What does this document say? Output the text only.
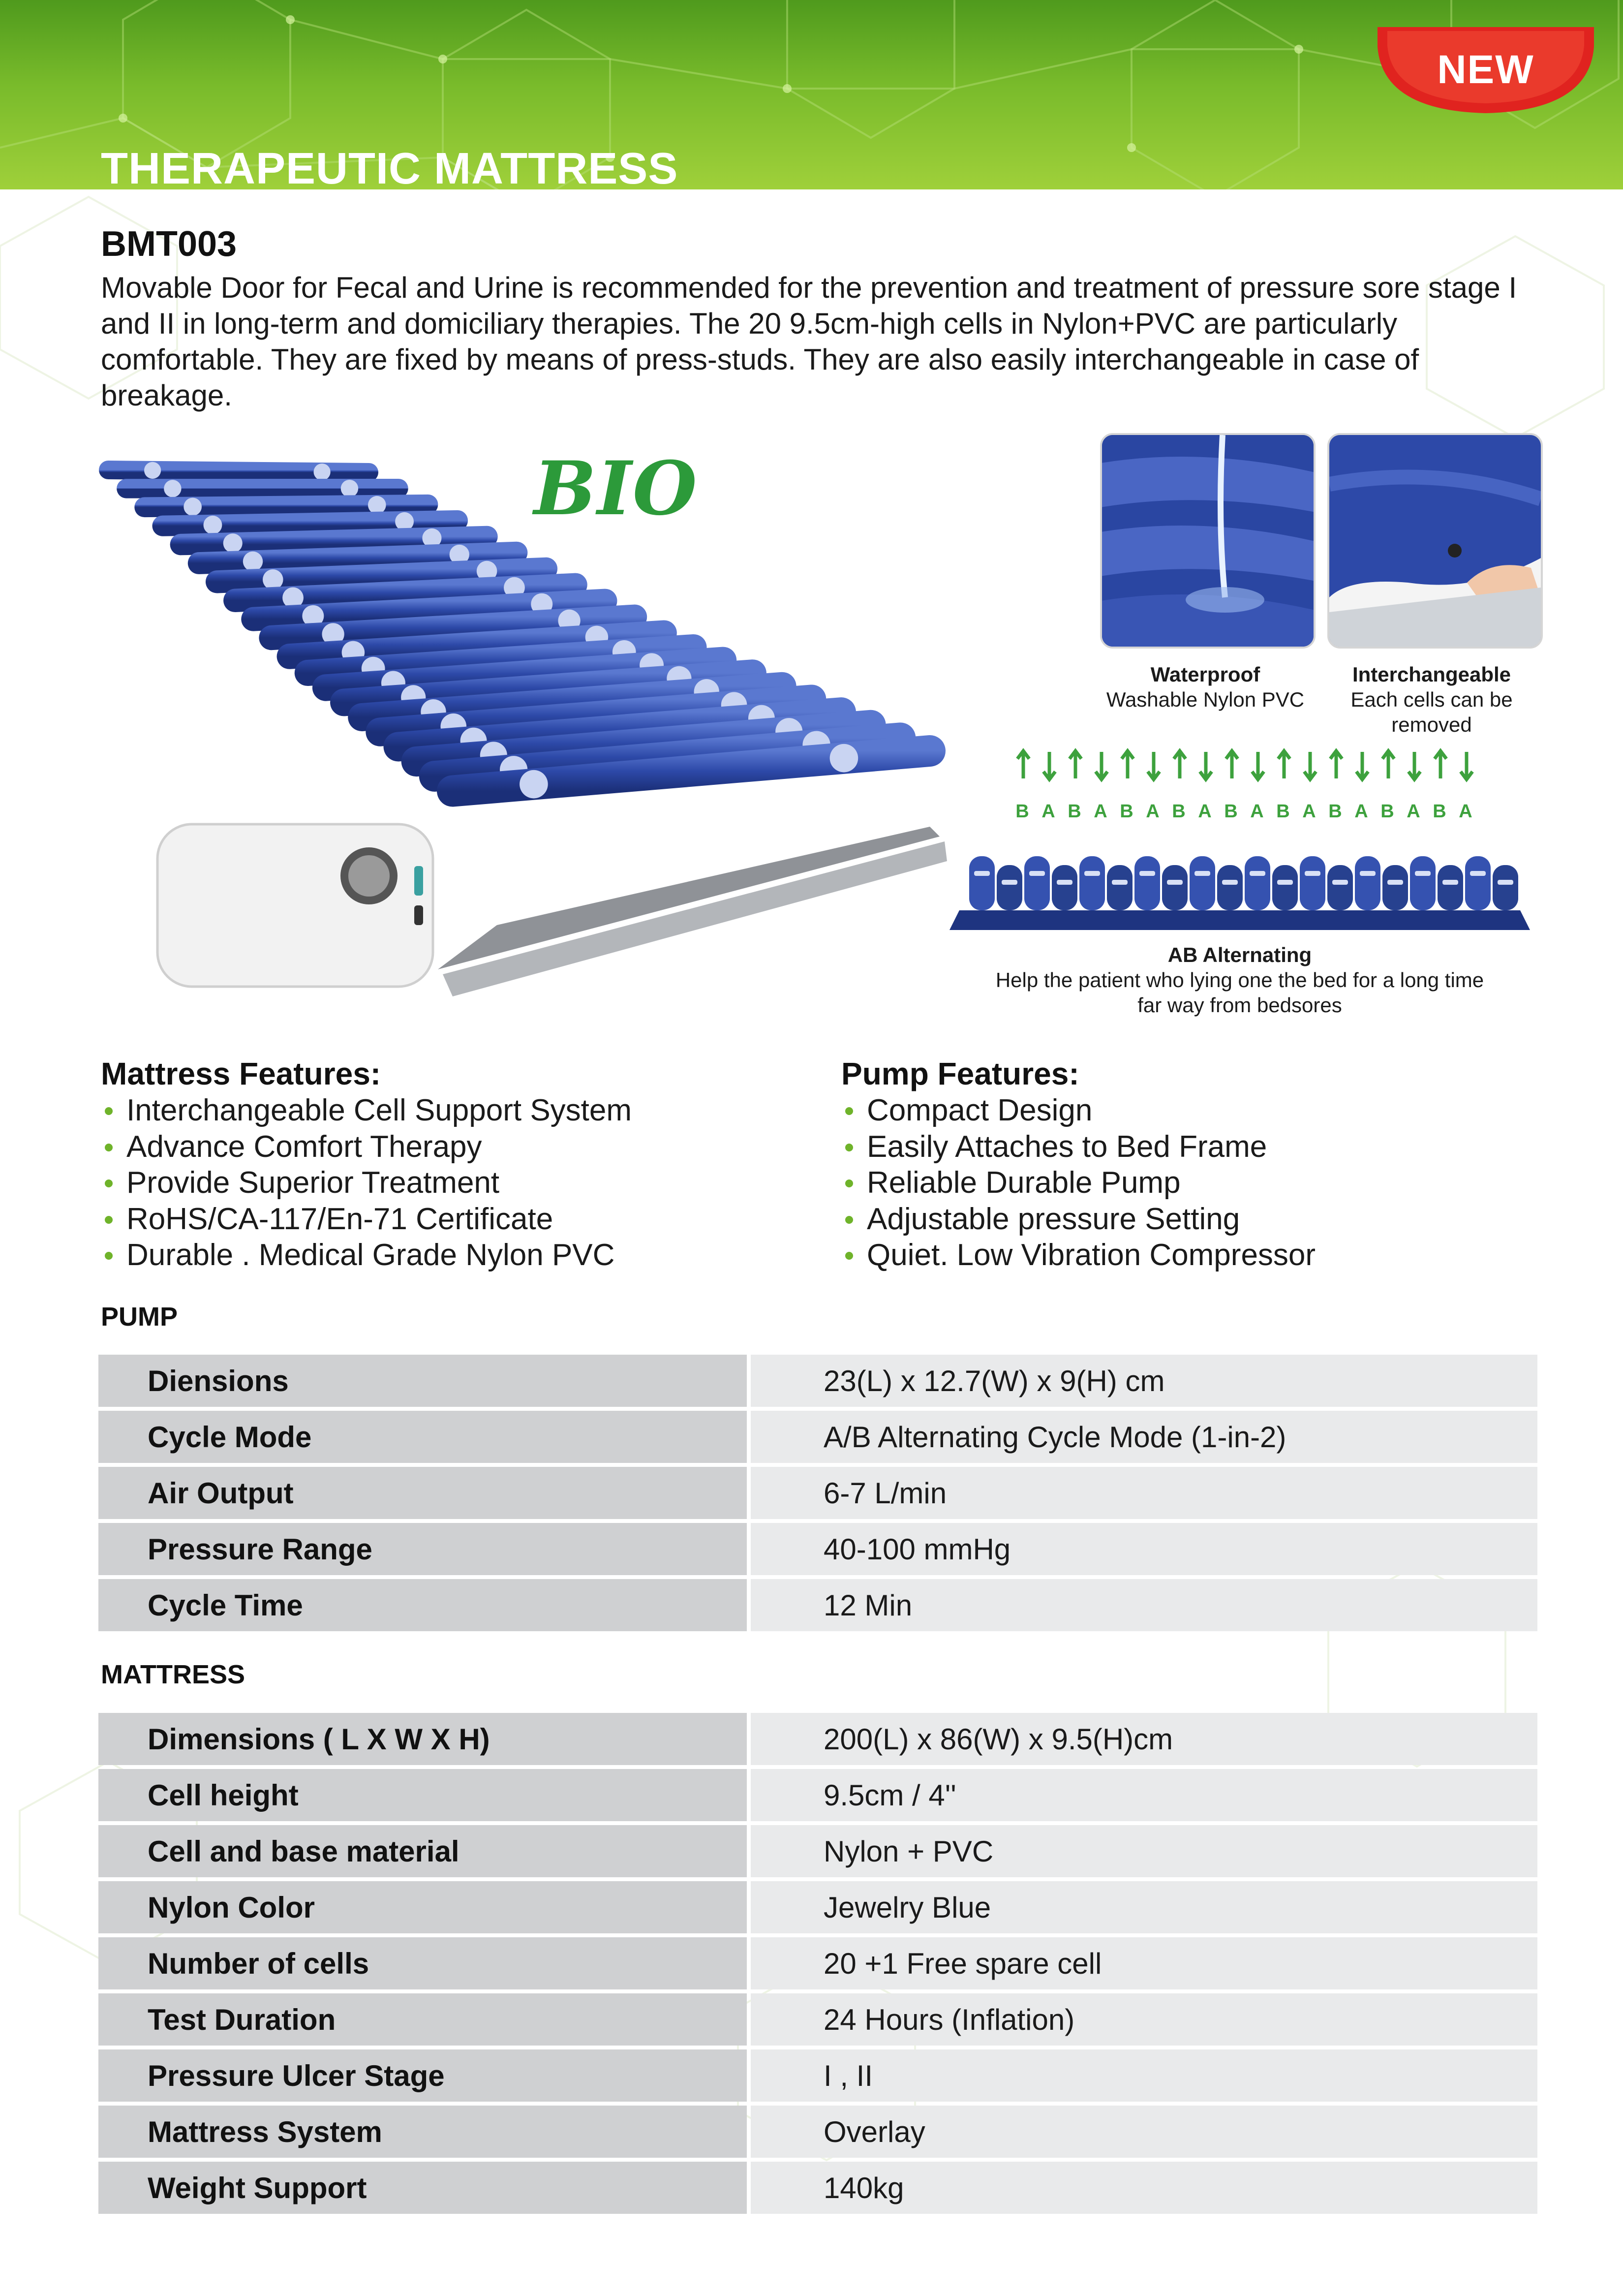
THERAPEUTIC MATTRESS
NEW
BMT003

Movable Door for Fecal and Urine is recommended for the prevention and treatment of pressure sore stage I and II in long-term and domiciliary therapies. The 20 9.5cm-high cells in Nylon+PVC are particularly comfortable. They are fixed by means of press-studs. They are also easily interchangeable in case of breakage.

BIO
Waterproof
Washable Nylon PVC
Interchangeable
Each cells can be removed
B A B A B A B A B A B A B A B A B A
AB Alternating
Help the patient who lying one the bed for a long time
far way from bedsores
Mattress Features:
Interchangeable Cell Support System
Advance Comfort Therapy
Provide Superior Treatment
RoHS/CA-117/En-71 Certificate
Durable . Medical Grade Nylon PVC
Pump Features:
Compact Design
Easily Attaches to Bed Frame
Reliable Durable Pump
Adjustable pressure Setting
Quiet. Low Vibration Compressor
PUMP
Diensions		23(L) x 12.7(W) x 9(H) cm
Cycle Mode		A/B Alternating Cycle Mode (1-in-2)
Air Output		6-7 L/min
Pressure Range		40-100 mmHg
Cycle Time		12 Min
MATTRESS
Dimensions ( L X W X H)		200(L) x 86(W) x 9.5(H)cm
Cell height		9.5cm / 4''
Cell and base material		Nylon + PVC
Nylon Color		Jewelry Blue
Number of cells		20 +1 Free spare cell
Test Duration		24 Hours (Inflation)
Pressure Ulcer Stage		I , II
Mattress System		Overlay
Weight Support		140kg
